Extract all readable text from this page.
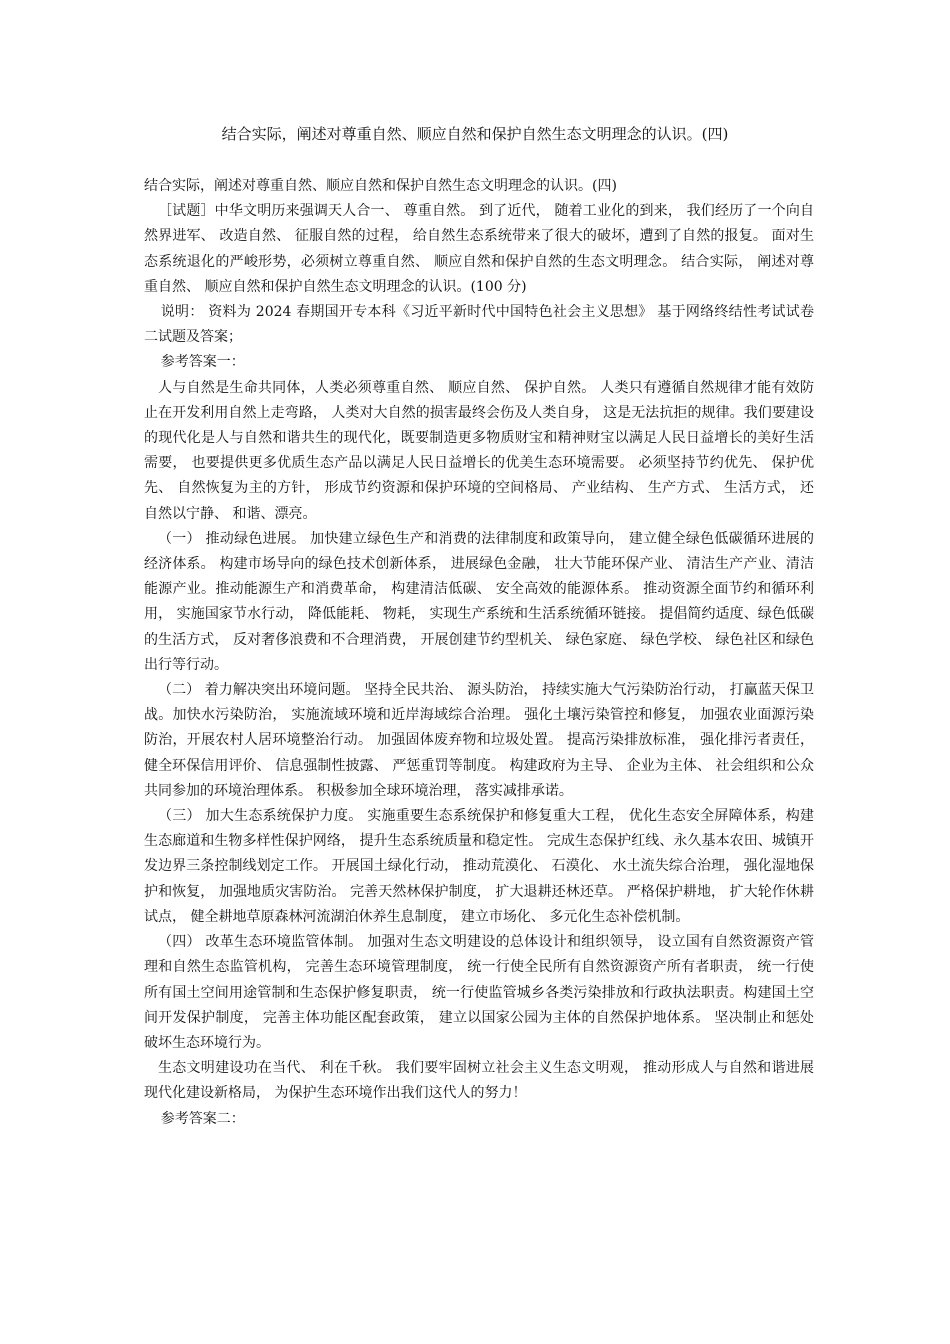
结合实际，阐述对尊重自然、顺应自然和保护自然生态文明理念的认识。(四)

结合实际，阐述对尊重自然、顺应自然和保护自然生态文明理念的认识。(四)

［试题］中华文明历来强调天人合一、 尊重自然。 到了近代， 随着工业化的到来， 我们经历了一个向自然界进军、 改造自然、 征服自然的过程， 给自然生态系统带来了很大的破坏，遭到了自然的报复。 面对生态系统退化的严峻形势，必须树立尊重自然、 顺应自然和保护自然的生态文明理念。 结合实际， 阐述对尊重自然、 顺应自然和保护自然生态文明理念的认识。(100 分)

说明： 资料为 2024 春期国开专本科《习近平新时代中国特色社会主义思想》 基于网络终结性考试试卷二试题及答案；

参考答案一：

人与自然是生命共同体，人类必须尊重自然、 顺应自然、 保护自然。 人类只有遵循自然规律才能有效防止在开发利用自然上走弯路， 人类对大自然的损害最终会伤及人类自身， 这是无法抗拒的规律。我们要建设的现代化是人与自然和谐共生的现代化，既要制造更多物质财宝和精神财宝以满足人民日益增长的美好生活需要， 也要提供更多优质生态产品以满足人民日益增长的优美生态环境需要。 必须坚持节约优先、 保护优先、 自然恢复为主的方针， 形成节约资源和保护环境的空间格局、 产业结构、 生产方式、 生活方式， 还自然以宁静、 和谐、漂亮。

（一） 推动绿色进展。 加快建立绿色生产和消费的法律制度和政策导向， 建立健全绿色低碳循环进展的经济体系。 构建市场导向的绿色技术创新体系， 进展绿色金融， 壮大节能环保产业、 清洁生产产业、清洁能源产业。推动能源生产和消费革命， 构建清洁低碳、 安全高效的能源体系。 推动资源全面节约和循环利用， 实施国家节水行动， 降低能耗、 物耗， 实现生产系统和生活系统循环链接。 提倡简约适度、绿色低碳的生活方式， 反对奢侈浪费和不合理消费， 开展创建节约型机关、 绿色家庭、 绿色学校、 绿色社区和绿色出行等行动。

（二） 着力解决突出环境问题。 坚持全民共治、 源头防治， 持续实施大气污染防治行动， 打赢蓝天保卫战。加快水污染防治， 实施流域环境和近岸海域综合治理。 强化土壤污染管控和修复， 加强农业面源污染防治，开展农村人居环境整治行动。 加强固体废弃物和垃圾处置。 提高污染排放标准， 强化排污者责任， 健全环保信用评价、 信息强制性披露、 严惩重罚等制度。 构建政府为主导、 企业为主体、 社会组织和公众共同参加的环境治理体系。 积极参加全球环境治理， 落实减排承诺。

（三） 加大生态系统保护力度。 实施重要生态系统保护和修复重大工程， 优化生态安全屏障体系，构建生态廊道和生物多样性保护网络， 提升生态系统质量和稳定性。 完成生态保护红线、永久基本农田、城镇开发边界三条控制线划定工作。 开展国土绿化行动， 推动荒漠化、 石漠化、 水土流失综合治理， 强化湿地保护和恢复， 加强地质灾害防治。 完善天然林保护制度， 扩大退耕还林还草。 严格保护耕地， 扩大轮作休耕试点， 健全耕地草原森林河流湖泊休养生息制度， 建立市场化、 多元化生态补偿机制。

（四） 改革生态环境监管体制。 加强对生态文明建设的总体设计和组织领导， 设立国有自然资源资产管理和自然生态监管机构， 完善生态环境管理制度， 统一行使全民所有自然资源资产所有者职责， 统一行使所有国土空间用途管制和生态保护修复职责， 统一行使监管城乡各类污染排放和行政执法职责。构建国土空间开发保护制度， 完善主体功能区配套政策， 建立以国家公园为主体的自然保护地体系。 坚决制止和惩处破坏生态环境行为。

生态文明建设功在当代、 利在千秋。 我们要牢固树立社会主义生态文明观， 推动形成人与自然和谐进展现代化建设新格局， 为保护生态环境作出我们这代人的努力！

参考答案二：
